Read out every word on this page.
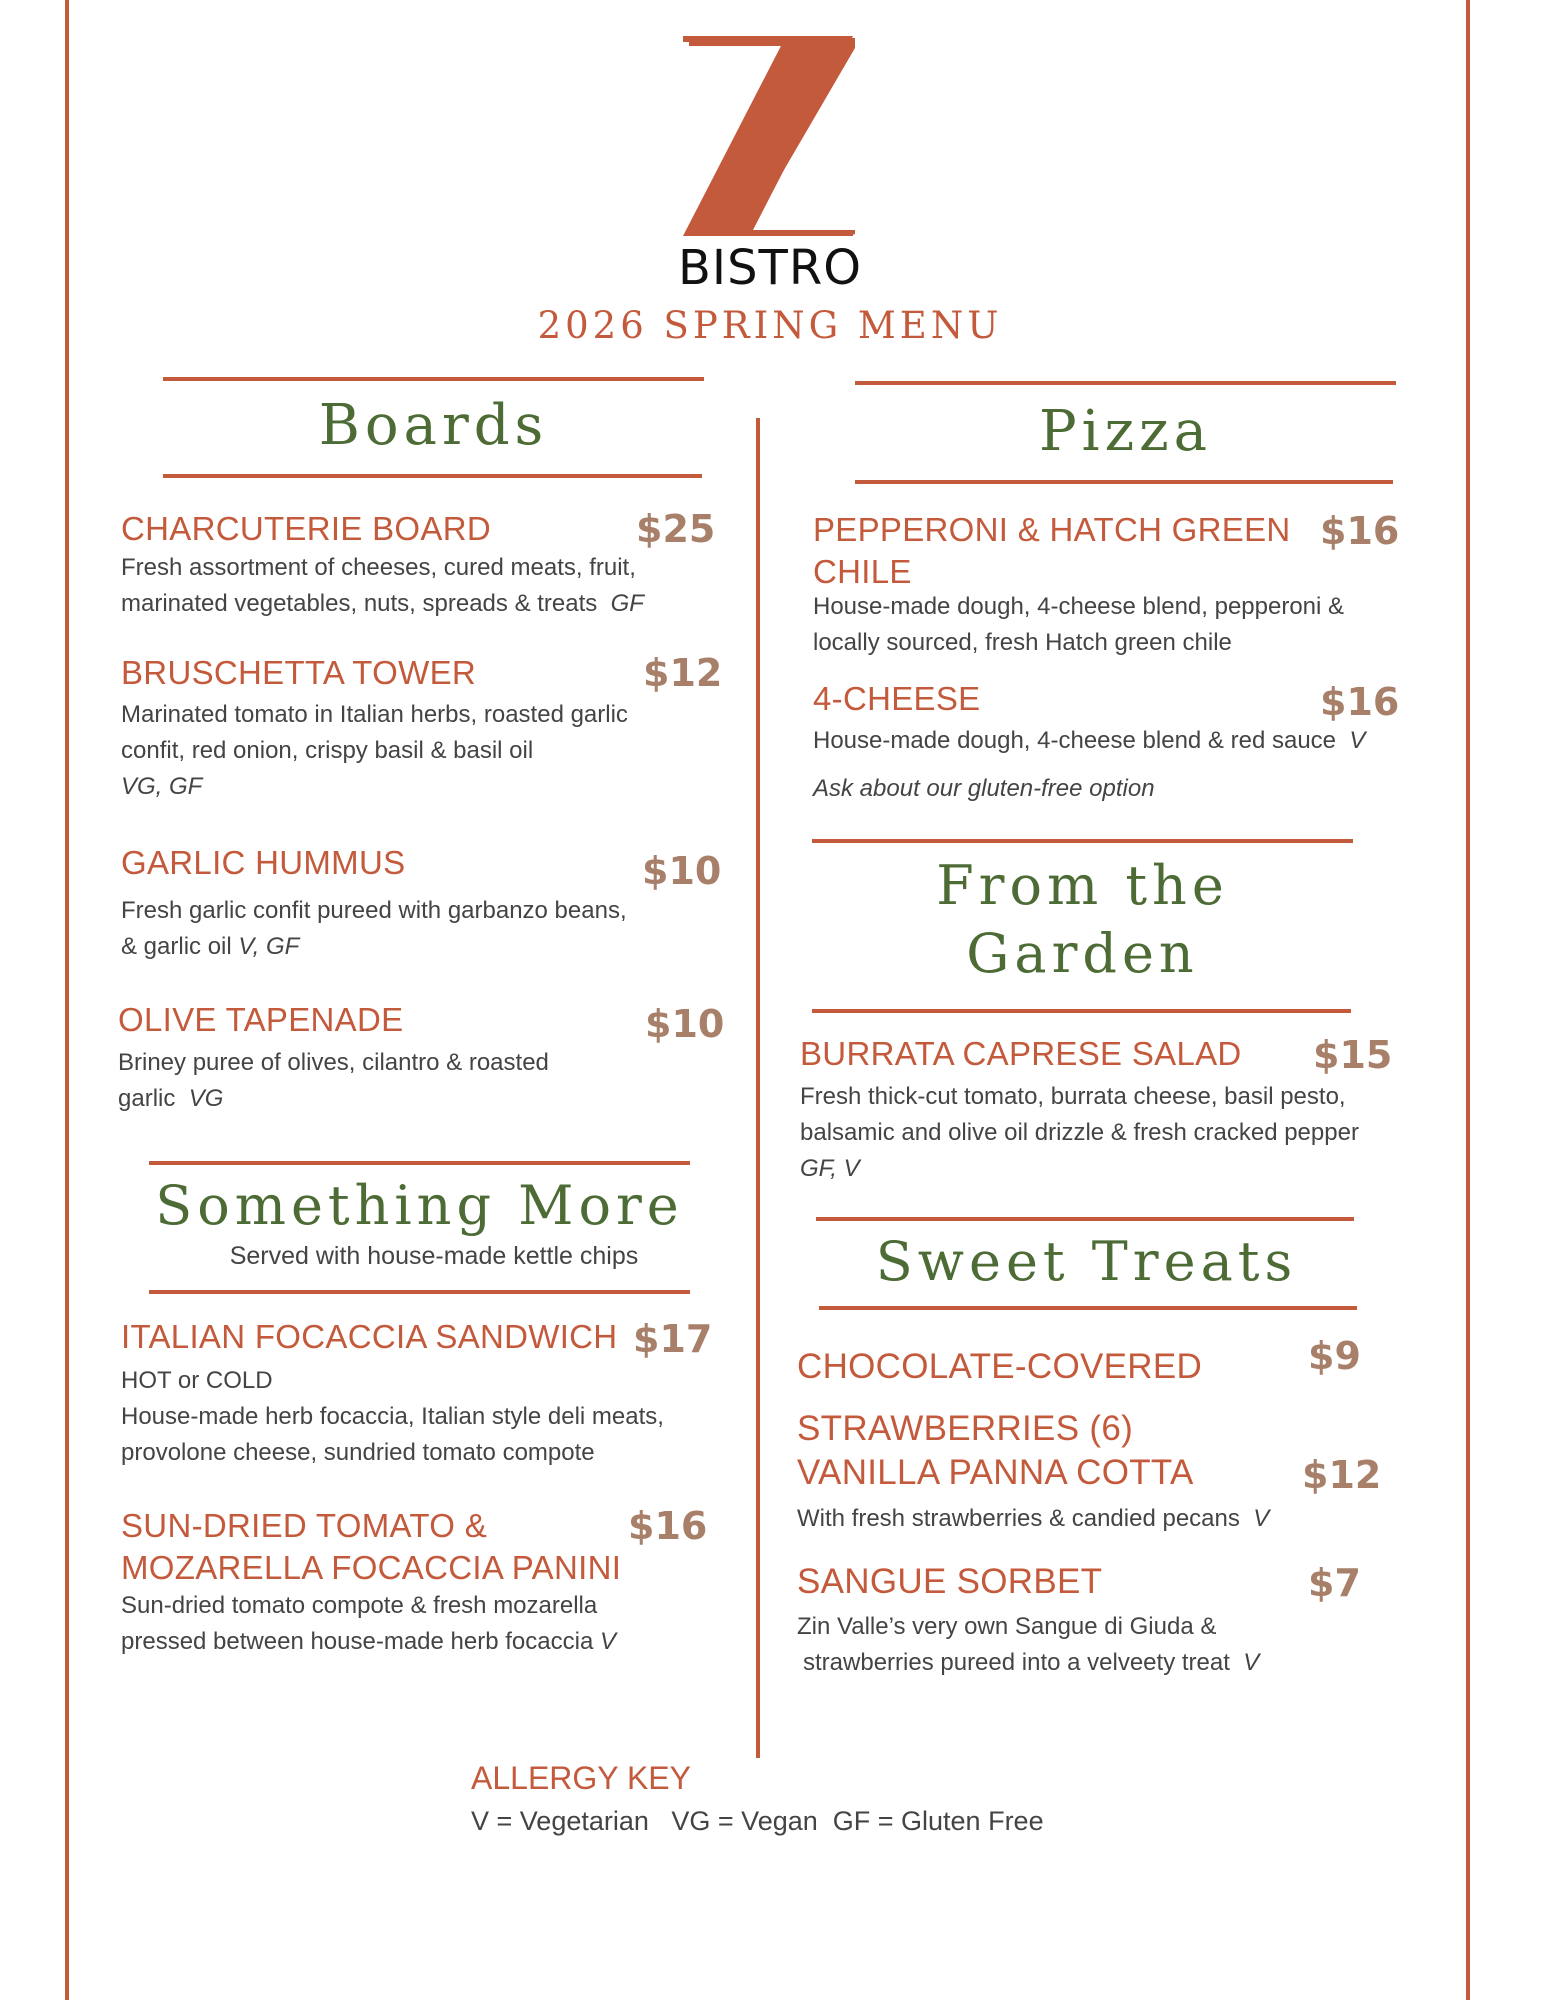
BISTRO
2026 SPRING MENU
Boards
CHARCUTERIE BOARD	$25

Fresh assortment of cheeses, cured meats, fruit,

marinated vegetables, nuts, spreads & treats GF

BRUSCHETTA TOWER	$12

Marinated tomato in Italian herbs, roasted garlic

confit, red onion, crispy basil & basil oil

VG, GF

GARLIC HUMMUS	$10

Fresh garlic confit pureed with garbanzo beans,

& garlic oil V, GF

OLIVE TAPENADE	$10

Briney puree of olives, cilantro & roasted

garlic VG

Something More
Served with house-made kettle chips
ITALIAN FOCACCIA SANDWICH $17

HOT or COLD

House-made herb focaccia, Italian style deli meats,

provolone cheese, sundried tomato compote

SUN-DRIED TOMATO &
MOZARELLA FOCACCIA PANINI
$16

Sun-dried tomato compote & fresh mozarella

pressed between house-made herb focaccia V

Pizza
PEPPERONI & HATCH GREEN
CHILE
$16

House-made dough, 4-cheese blend, pepperoni &

locally sourced, fresh Hatch green chile

4-CHEESE	$16

House-made dough, 4-cheese blend & red sauce V

Ask about our gluten-free option
From the
Garden
BURRATA CAPRESE SALAD $15

Fresh thick-cut tomato, burrata cheese, basil pesto,

balsamic and olive oil drizzle & fresh cracked pepper

GF, V

Sweet Treats
CHOCOLATE-COVERED
STRAWBERRIES (6)
$9
VANILLA PANNA COTTA	$12

With fresh strawberries & candied pecans V

SANGUE SORBET	$7

Zin Valle’s very own Sangue di Giuda &

strawberries pureed into a velveety treat V

ALLERGY KEY
V = Vegetarian   VG = Vegan  GF = Gluten Free
